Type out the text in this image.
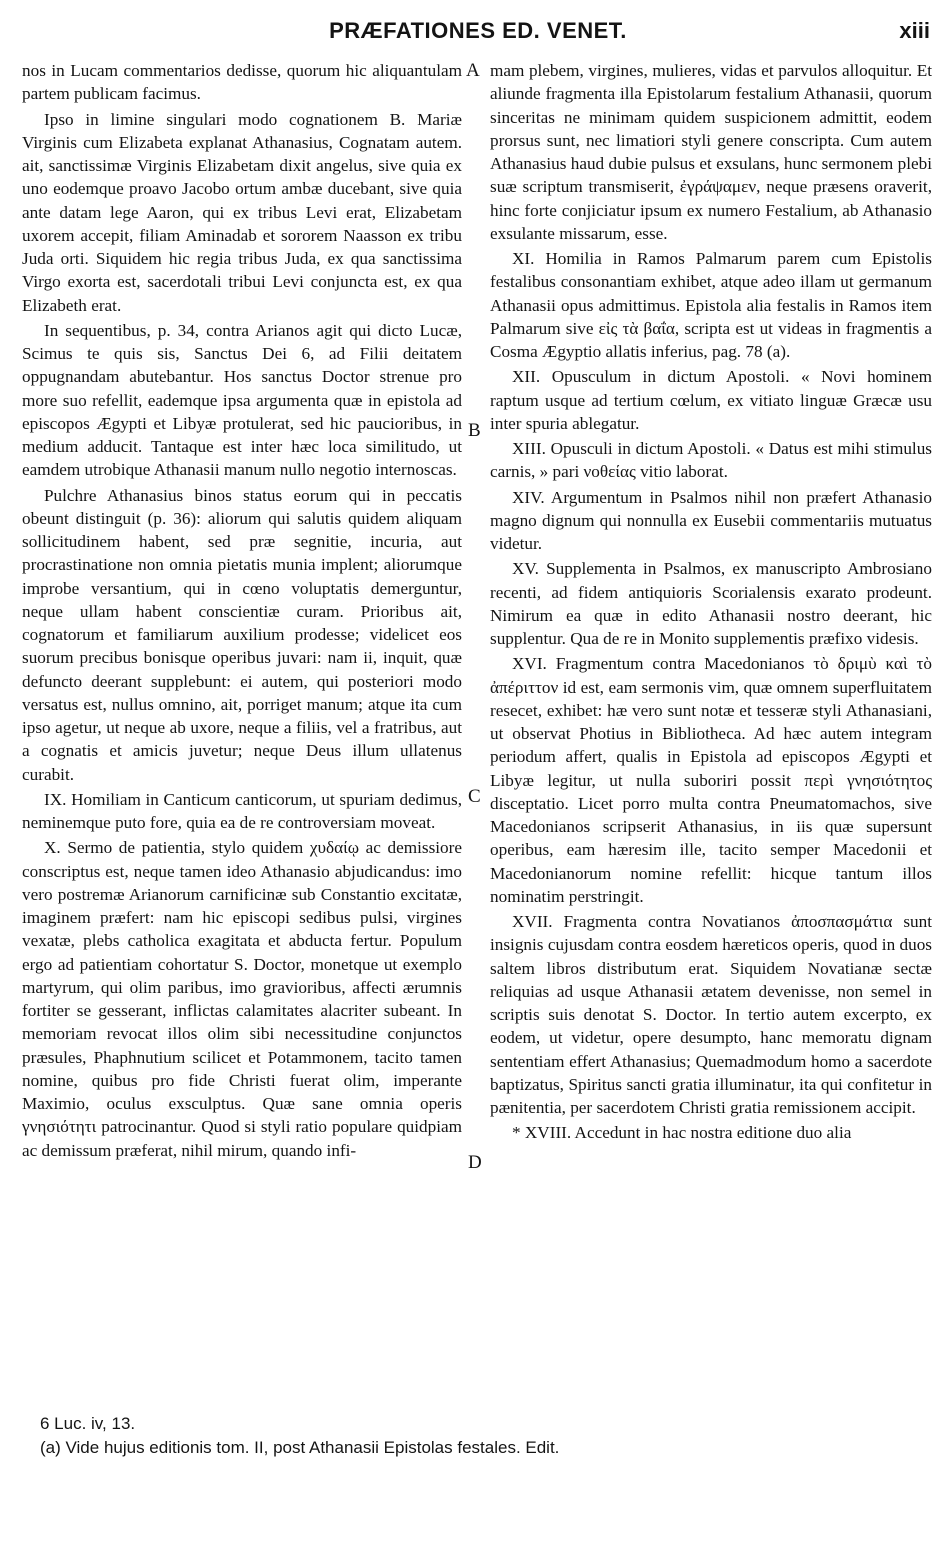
PRÆFATIONES ED. VENET.	xiii

nos in Lucam commentarios dedisse, quorum hic aliquantulam partem publicam facimus.

Ipso in limine singulari modo cognationem B. Mariæ Virginis cum Elizabeta explanat Athanasius, Cognatam autem. ait, sanctissimæ Virginis Elizabetam dixit angelus, sive quia ex uno eodemque proavo Jacobo ortum ambæ ducebant, sive quia ante datam lege Aaron, qui ex tribus Levi erat, Elizabetam uxorem accepit, filiam Aminadab et sororem Naasson ex tribu Juda orti. Siquidem hic regia tribus Juda, ex qua sanctissima Virgo exorta est, sacerdotali tribui Levi conjuncta est, ex qua Elizabeth erat.

In sequentibus, p. 34, contra Arianos agit qui dicto Lucæ, Scimus te quis sis, Sanctus Dei 6, ad Filii deitatem oppugnandam abutebantur. Hos sanctus Doctor strenue pro more suo refellit, eademque ipsa argumenta quæ in epistola ad episcopos Ægypti et Libyæ protulerat, sed hic paucioribus, in medium adducit. Tantaque est inter hæc loca similitudo, ut eamdem utrobique Athanasii manum nullo negotio internoscas.

Pulchre Athanasius binos status eorum qui in peccatis obeunt distinguit (p. 36): aliorum qui salutis quidem aliquam sollicitudinem habent, sed præ segnitie, incuria, aut procrastinatione non omnia pietatis munia implent; aliorumque improbe versantium, qui in cœno voluptatis demerguntur, neque ullam habent conscientiæ curam. Prioribus ait, cognatorum et familiarum auxilium prodesse; videlicet eos suorum precibus bonisque operibus juvari: nam ii, inquit, quæ defuncto deerant supplebunt: ei autem, qui posteriori modo versatus est, nullus omnino, ait, porriget manum; atque ita cum ipso agetur, ut neque ab uxore, neque a filiis, vel a fratribus, aut a cognatis et amicis juvetur; neque Deus illum ullatenus curabit.

IX. Homiliam in Canticum canticorum, ut spuriam dedimus, neminemque puto fore, quia ea de re controversiam moveat.

X. Sermo de patientia, stylo quidem χυδαίῳ ac demissiore conscriptus est, neque tamen ideo Athanasio abjudicandus: imo vero postremæ Arianorum carnificinæ sub Constantio excitatæ, imaginem præfert: nam hic episcopi sedibus pulsi, virgines vexatæ, plebs catholica exagitata et abducta fertur. Populum ergo ad patientiam cohortatur S. Doctor, monetque ut exemplo martyrum, qui olim paribus, imo gravioribus, affecti ærumnis fortiter se gesserant, inflictas calamitates alacriter subeant. In memoriam revocat illos olim sibi necessitudine conjunctos præsules, Phaphnutium scilicet et Potammonem, tacito tamen nomine, quibus pro fide Christi fuerat olim, imperante Maximio, oculus exsculptus. Quæ sane omnia operis γνησιότητι patrocinantur. Quod si styli ratio populare quidpiam ac demissum præferat, nihil mirum, quando infi-

A
B
C
D

mam plebem, virgines, mulieres, vidas et parvulos alloquitur. Et aliunde fragmenta illa Epistolarum festalium Athanasii, quorum sinceritas ne minimam quidem suspicionem admittit, eodem prorsus sunt, nec limatiori styli genere conscripta. Cum autem Athanasius haud dubie pulsus et exsulans, hunc sermonem plebi suæ scriptum transmiserit, ἐγράψαμεν, neque præsens oraverit, hinc forte conjiciatur ipsum ex numero Festalium, ab Athanasio exsulante missarum, esse.

XI. Homilia in Ramos Palmarum parem cum Epistolis festalibus consonantiam exhibet, atque adeo illam ut germanum Athanasii opus admittimus. Epistola alia festalis in Ramos item Palmarum sive εἰς τὰ βαΐα, scripta est ut videas in fragmentis a Cosma Ægyptio allatis inferius, pag. 78 (a).

XII. Opusculum in dictum Apostoli. « Novi hominem raptum usque ad tertium cœlum, ex vitiato linguæ Græcæ usu inter spuria ablegatur.

XIII. Opusculi in dictum Apostoli. « Datus est mihi stimulus carnis, » pari νοθείας vitio laborat.

XIV. Argumentum in Psalmos nihil non præfert Athanasio magno dignum qui nonnulla ex Eusebii commentariis mutuatus videtur.

XV. Supplementa in Psalmos, ex manuscripto Ambrosiano recenti, ad fidem antiquioris Scorialensis exarato prodeunt. Nimirum ea quæ in edito Athanasii nostro deerant, hic supplentur. Qua de re in Monito supplementis præfixo videsis.

XVI. Fragmentum contra Macedonianos τὸ δριμὺ καὶ τὸ ἀπέριττον id est, eam sermonis vim, quæ omnem superfluitatem resecet, exhibet: hæ vero sunt notæ et tesseræ styli Athanasiani, ut observat Photius in Bibliotheca. Ad hæc autem integram periodum affert, qualis in Epistola ad episcopos Ægypti et Libyæ legitur, ut nulla suboriri possit περὶ γνησιότητος disceptatio. Licet porro multa contra Pneumatomachos, sive Macedonianos scripserit Athanasius, in iis quæ supersunt operibus, eam hæresim ille, tacito semper Macedonii et Macedonianorum nomine refellit: hicque tantum illos nominatim perstringit.

XVII. Fragmenta contra Novatianos ἀποσπασμάτια sunt insignis cujusdam contra eosdem hæreticos operis, quod in duos saltem libros distributum erat. Siquidem Novatianæ sectæ reliquias ad usque Athanasii ætatem devenisse, non semel in scriptis suis denotat S. Doctor. In tertio autem excerpto, ex eodem, ut videtur, opere desumpto, hanc memoratu dignam sententiam effert Athanasius; Quemadmodum homo a sacerdote baptizatus, Spiritus sancti gratia illuminatur, ita qui confitetur in pænitentia, per sacerdotem Christi gratia remissionem accipit.

* XVIII. Accedunt in hac nostra editione duo alia

6 Luc. iv, 13.
(a) Vide hujus editionis tom. II, post Athanasii Epistolas festales. Edit.
